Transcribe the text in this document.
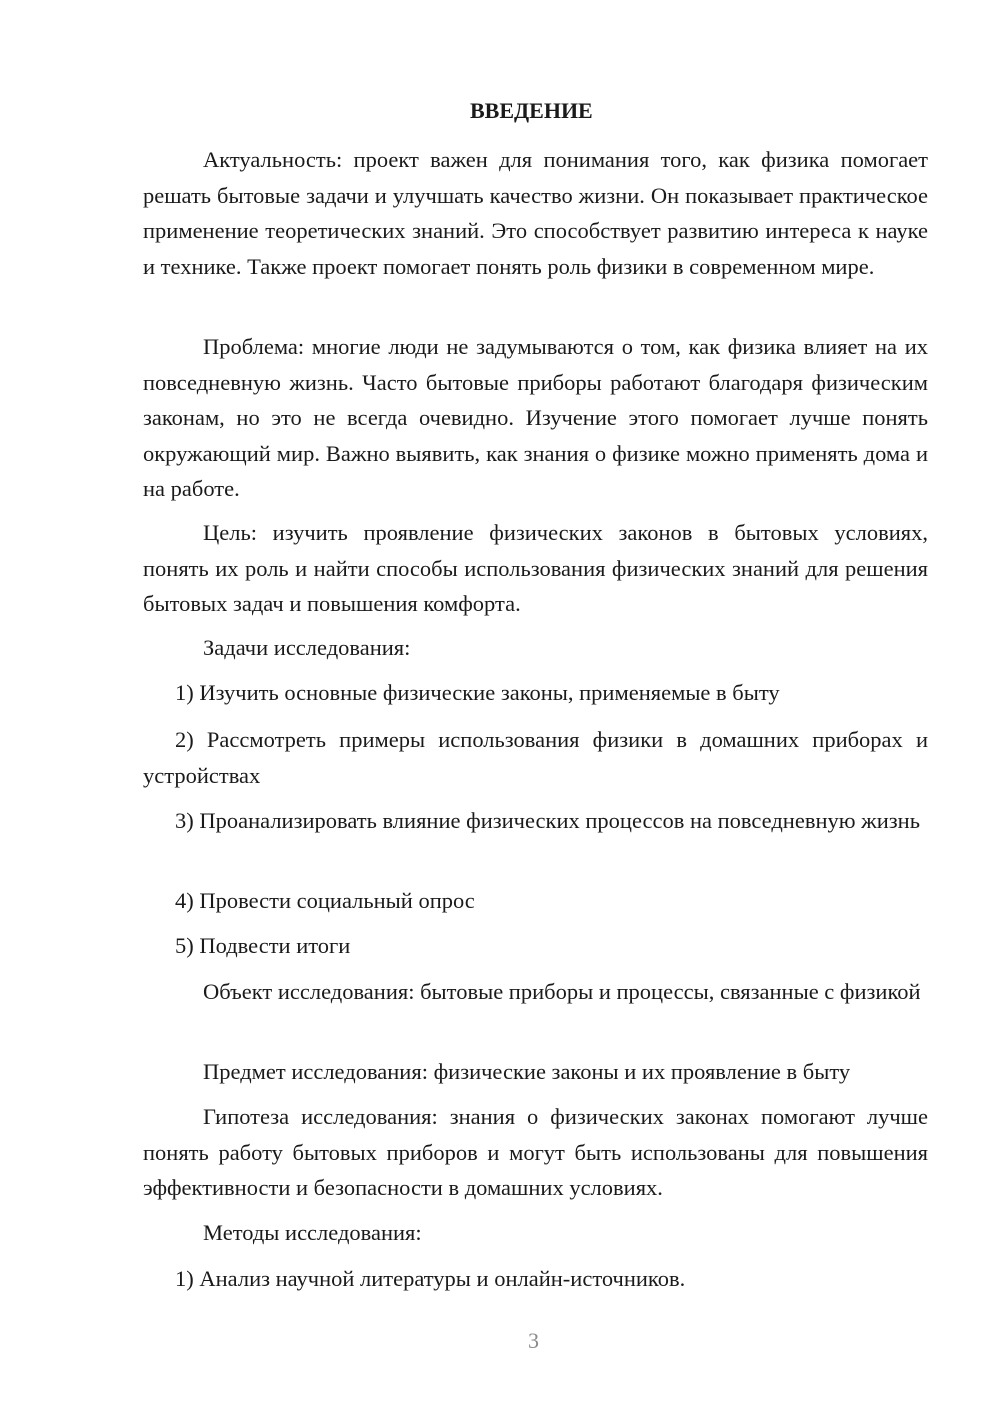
ВВЕДЕНИЕ

Актуальность: проект важен для понимания того, как физика помогает решать бытовые задачи и улучшать качество жизни. Он показывает практическое применение теоретических знаний. Это способствует развитию интереса к науке и технике. Также проект помогает понять роль физики в современном мире.

Проблема: многие люди не задумываются о том, как физика влияет на их повседневную жизнь. Часто бытовые приборы работают благодаря физическим законам, но это не всегда очевидно. Изучение этого помогает лучше понять окружающий мир. Важно выявить, как знания о физике можно применять дома и на работе.

Цель: изучить проявление физических законов в бытовых условиях, понять их роль и найти способы использования физических знаний для решения бытовых задач и повышения комфорта.

Задачи исследования:

1) Изучить основные физические законы, применяемые в быту

2) Рассмотреть примеры использования физики в домашних приборах и устройствах

3) Проанализировать влияние физических процессов на повседневную жизнь

4) Провести социальный опрос

5) Подвести итоги

Объект исследования: бытовые приборы и процессы, связанные с физикой

Предмет исследования: физические законы и их проявление в быту

Гипотеза исследования: знания о физических законах помогают лучше понять работу бытовых приборов и могут быть использованы для повышения эффективности и безопасности в домашних условиях.

Методы исследования:

1) Анализ научной литературы и онлайн-источников.

3
